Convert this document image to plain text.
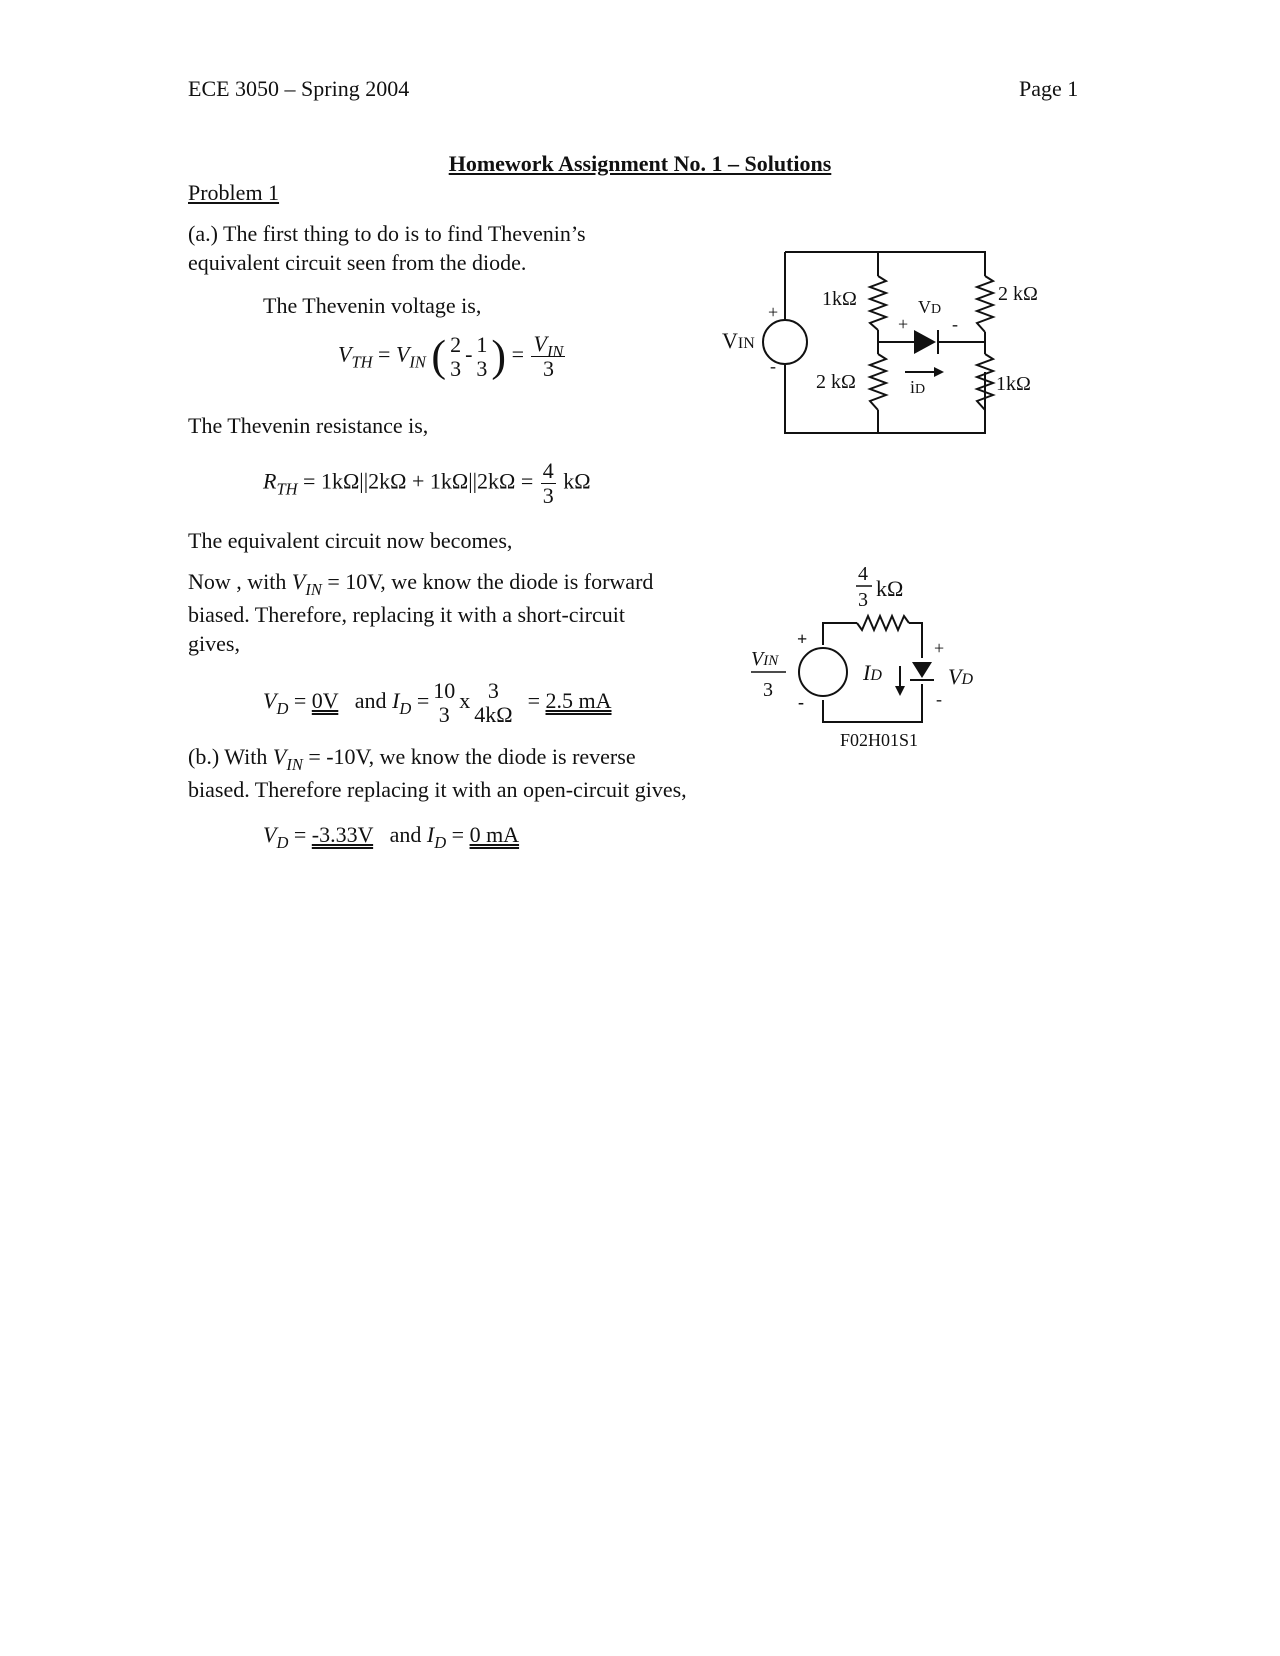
ECE 3050 – Spring 2004	Page 1
Homework Assignment No. 1 – Solutions
Problem 1
(a.) The first thing to do is to find Thevenin’s
equivalent circuit seen from the diode.
The Thevenin voltage is,
$V_{TH} = V_{IN}$ ( 2
3
- 1
3 ) = $\frac{V_{IN}}{3}$
The Thevenin resistance is,
$R_{TH} = 1k\Omega||2k\Omega + 1k\Omega||2k\Omega = \frac{4}{3}$ kΩ
The equivalent circuit now becomes,
Now , with $V_{IN} = 10V$, we know the diode is forward
biased. Therefore, replacing it with a short-circuit
gives,
$V_D = 0V$ and $I_D = 10$
3
x 3
4kΩ
= 2.5 mA
(b.) With $V_{IN} = -10V$, we know the diode is reverse
biased. Therefore replacing it with an open-circuit gives,
$V_D = -3.33V$ and $I_D = 0$ mA
VIN
+
-
1kΩ
2 kΩ
2 kΩ
1kΩ
VD
+ -
iD
4
3 kΩ
VIN
3
+
-
ID	VD
+
-
F02H01S1
